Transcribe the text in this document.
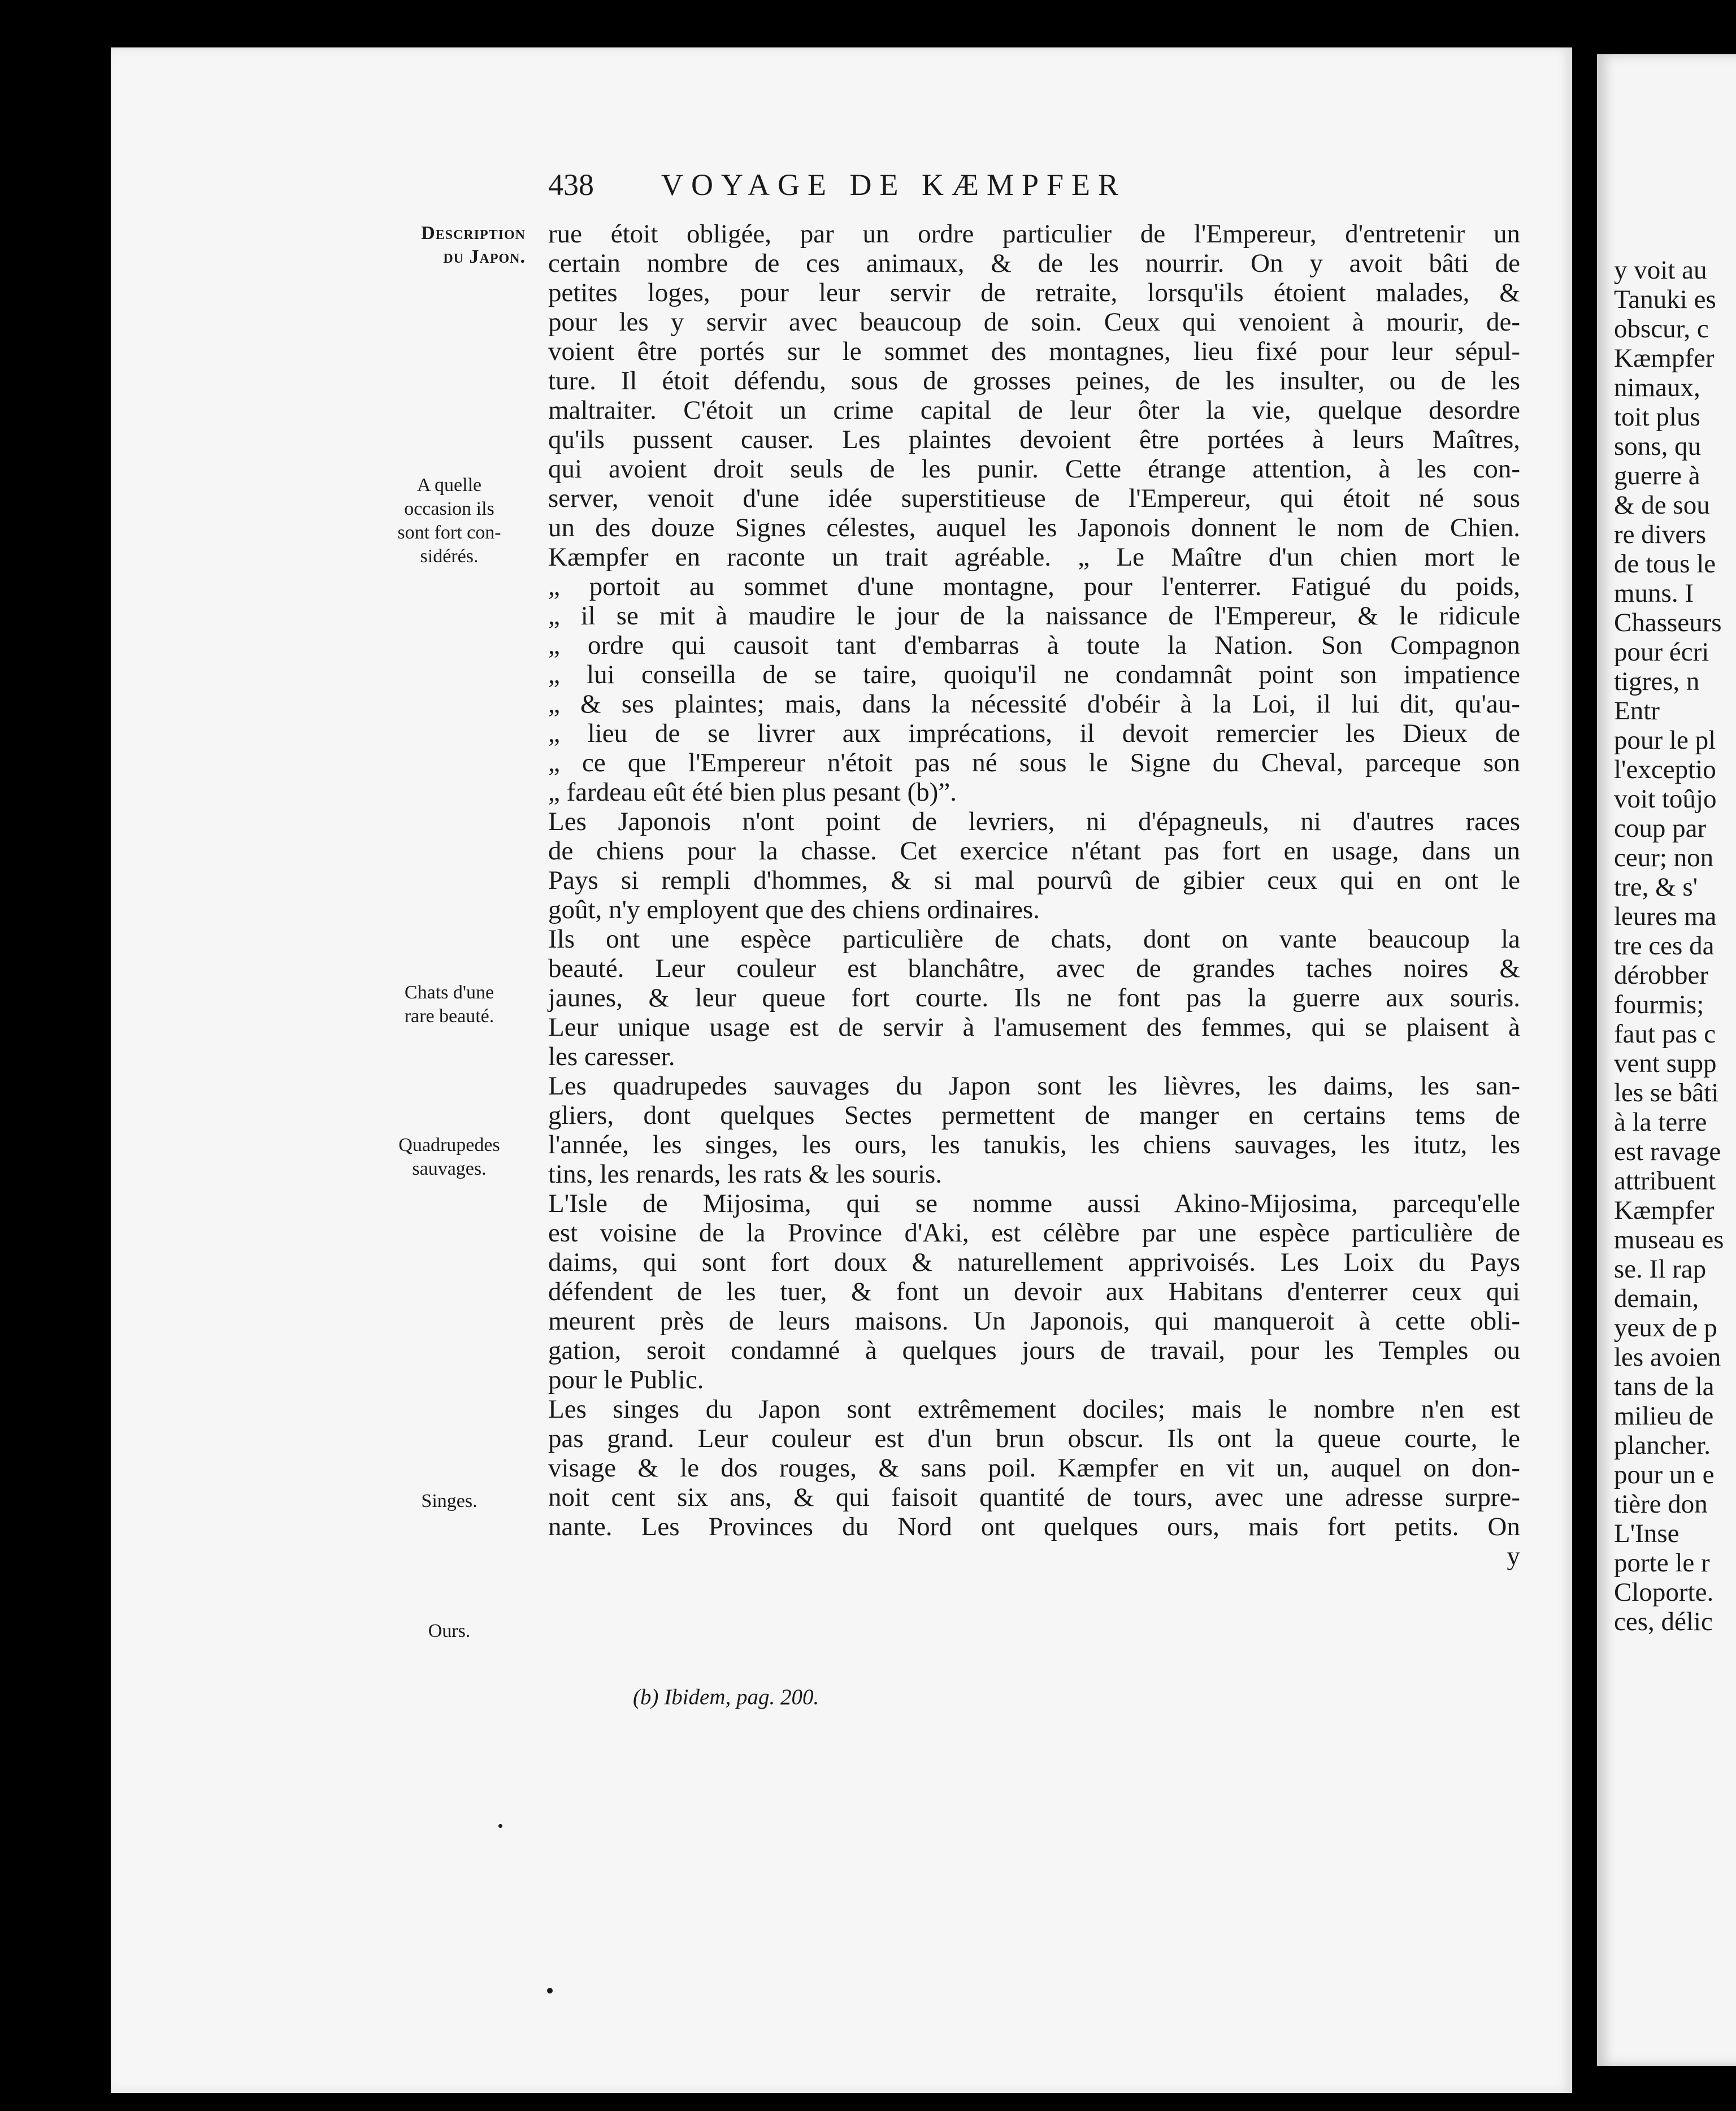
y voit au
Tanuki es
obscur, c
Kæmpfer
nimaux,
toit plus
sons, qu
guerre à
& de sou
re divers
de tous le
muns. I
Chasseurs
pour écri
tigres, n
Entr
pour le pl
l'exceptio
voit toûjo
coup par
ceur; non
tre, & s'
leures ma
tre ces da
dérobber
fourmis;
faut pas c
vent supp
les se bâti
à la terre
est ravage
attribuent
Kæmpfer
museau es
se. Il rap
demain,
yeux de p
les avoien
tans de la
milieu de
plancher.
pour un e
tière don
L'Inse
porte le r
Cloporte.
ces, délic
438 VOYAGE DE KÆMPFER
Description
du Japon.
A quelle
occasion ils
sont fort con-
sidérés.
Chats d'une
rare beauté.
Quadrupedes
sauvages.
Singes.
Ours.
rue étoit obligée, par un ordre particulier de l'Empereur, d'entretenir un
certain nombre de ces animaux, & de les nourrir. On y avoit bâti de
petites loges, pour leur servir de retraite, lorsqu'ils étoient malades, &
pour les y servir avec beaucoup de soin. Ceux qui venoient à mourir, de-
voient être portés sur le sommet des montagnes, lieu fixé pour leur sépul-
ture. Il étoit défendu, sous de grosses peines, de les insulter, ou de les
maltraiter. C'étoit un crime capital de leur ôter la vie, quelque desordre
qu'ils pussent causer. Les plaintes devoient être portées à leurs Maîtres,
qui avoient droit seuls de les punir. Cette étrange attention, à les con-
server, venoit d'une idée superstitieuse de l'Empereur, qui étoit né sous
un des douze Signes célestes, auquel les Japonois donnent le nom de Chien.
Kæmpfer en raconte un trait agréable. „ Le Maître d'un chien mort le
„ portoit au sommet d'une montagne, pour l'enterrer. Fatigué du poids,
„ il se mit à maudire le jour de la naissance de l'Empereur, & le ridicule
„ ordre qui causoit tant d'embarras à toute la Nation. Son Compagnon
„ lui conseilla de se taire, quoiqu'il ne condamnât point son impatience
„ & ses plaintes; mais, dans la nécessité d'obéir à la Loi, il lui dit, qu'au-
„ lieu de se livrer aux imprécations, il devoit remercier les Dieux de
„ ce que l'Empereur n'étoit pas né sous le Signe du Cheval, parceque son
„ fardeau eût été bien plus pesant (b)”.
Les Japonois n'ont point de levriers, ni d'épagneuls, ni d'autres races
de chiens pour la chasse. Cet exercice n'étant pas fort en usage, dans un
Pays si rempli d'hommes, & si mal pourvû de gibier ceux qui en ont le
goût, n'y employent que des chiens ordinaires.
Ils ont une espèce particulière de chats, dont on vante beaucoup la
beauté. Leur couleur est blanchâtre, avec de grandes taches noires &
jaunes, & leur queue fort courte. Ils ne font pas la guerre aux souris.
Leur unique usage est de servir à l'amusement des femmes, qui se plaisent à
les caresser.
Les quadrupedes sauvages du Japon sont les lièvres, les daims, les san-
gliers, dont quelques Sectes permettent de manger en certains tems de
l'année, les singes, les ours, les tanukis, les chiens sauvages, les itutz, les
tins, les renards, les rats & les souris.
L'Isle de Mijosima, qui se nomme aussi Akino-Mijosima, parcequ'elle
est voisine de la Province d'Aki, est célèbre par une espèce particulière de
daims, qui sont fort doux & naturellement apprivoisés. Les Loix du Pays
défendent de les tuer, & font un devoir aux Habitans d'enterrer ceux qui
meurent près de leurs maisons. Un Japonois, qui manqueroit à cette obli-
gation, seroit condamné à quelques jours de travail, pour les Temples ou
pour le Public.
Les singes du Japon sont extrêmement dociles; mais le nombre n'en est
pas grand. Leur couleur est d'un brun obscur. Ils ont la queue courte, le
visage & le dos rouges, & sans poil. Kæmpfer en vit un, auquel on don-
noit cent six ans, & qui faisoit quantité de tours, avec une adresse surpre-
nante. Les Provinces du Nord ont quelques ours, mais fort petits. On
y
(b) Ibidem, pag. 200.
